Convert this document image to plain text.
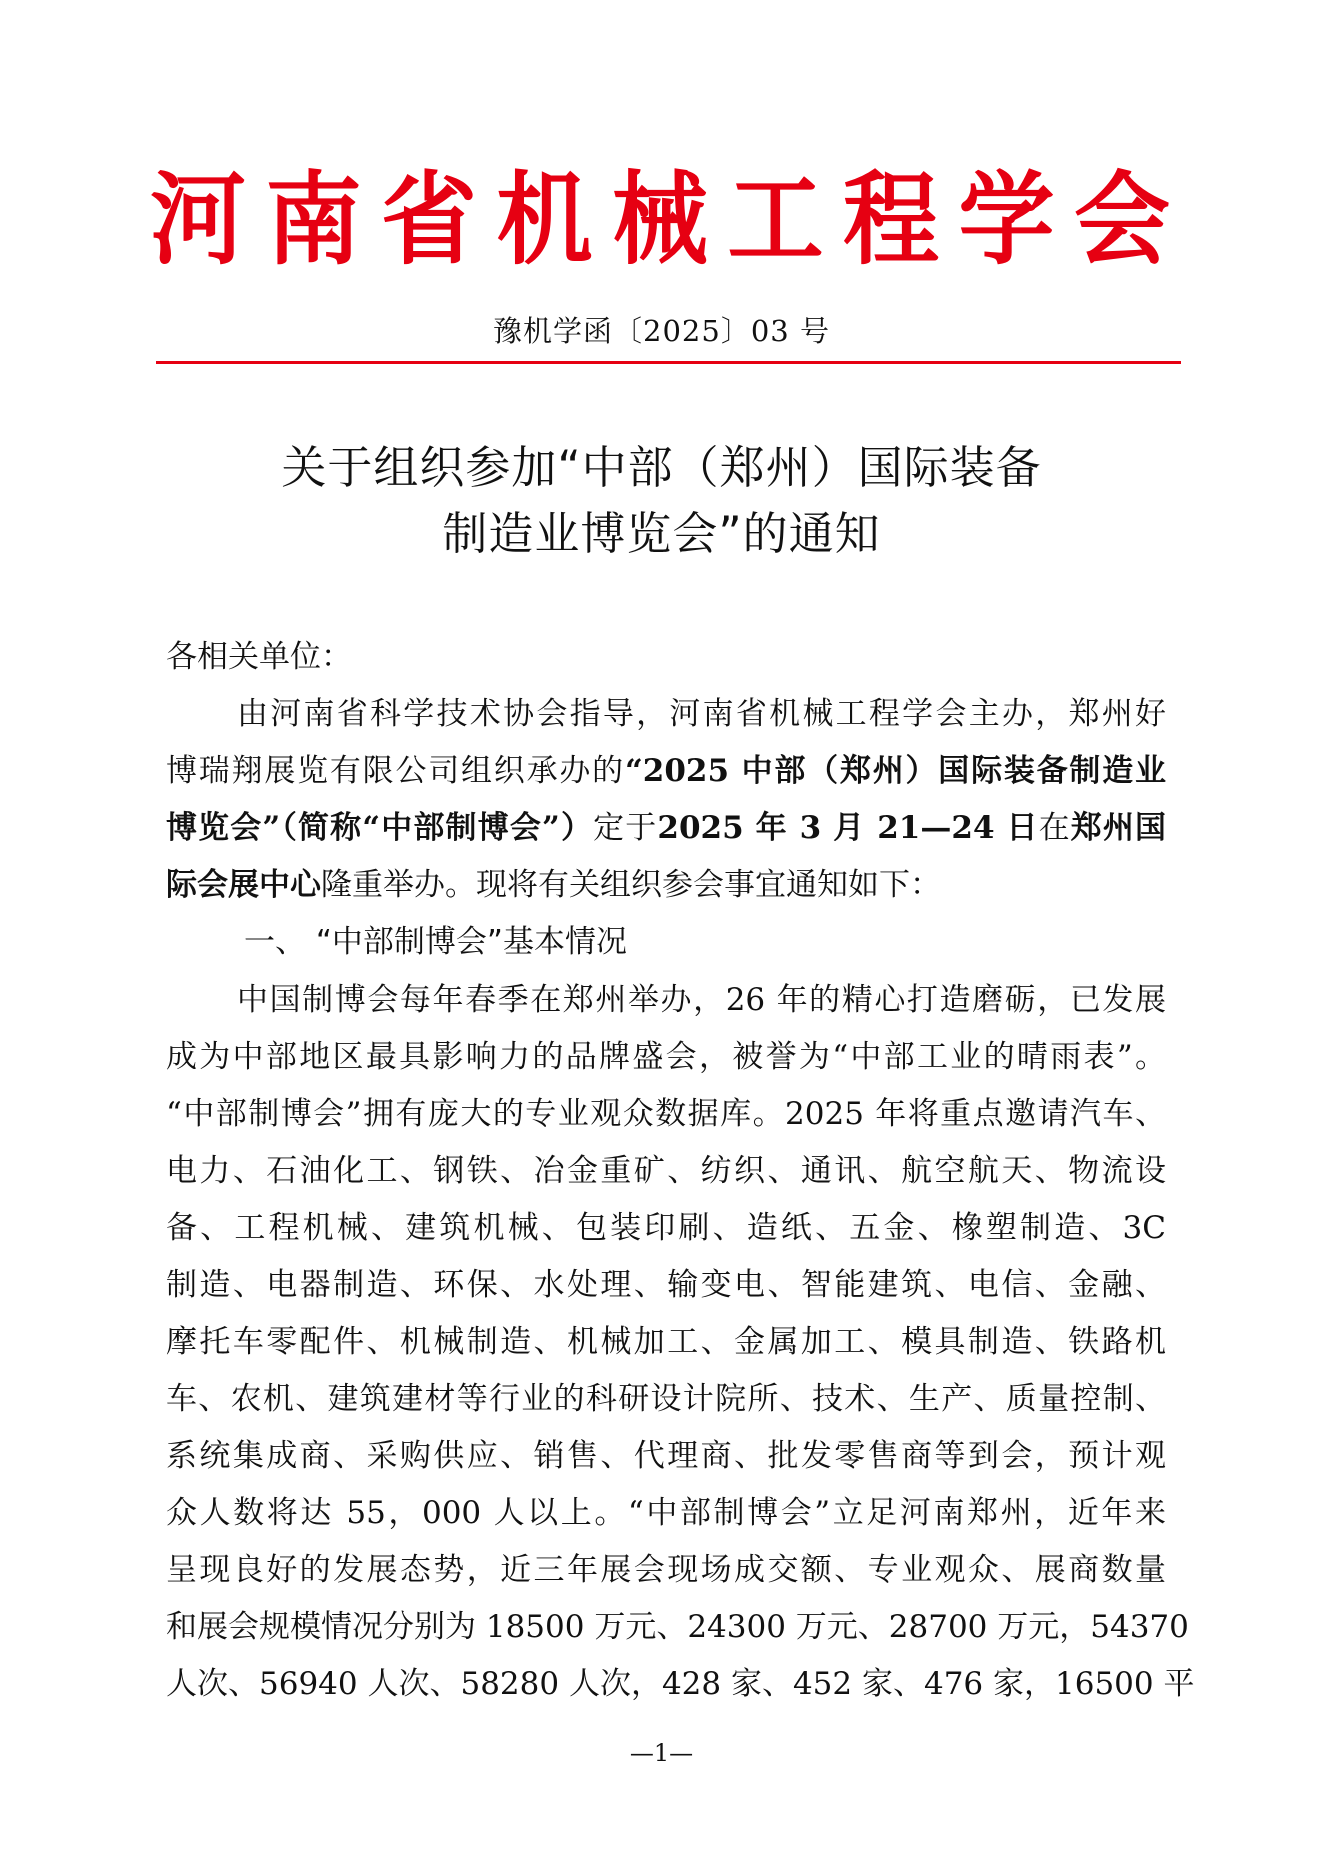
河 南 省 机 械 工 程 学 会
豫机学函〔2025〕03 号
关于组织参加“中部（郑州）国际装备
制造业博览会”的通知
各相关单位：
由河南省科学技术协会指导，河南省机械工程学会主办，郑州好
博瑞翔展览有限公司组织承办的“2025 中部（郑州）国际装备制造业
博览会”（简称“中部制博会”）定于2025 年 3 月 21—24 日在郑州国
际会展中心隆重举办。现将有关组织参会事宜通知如下：
一、 “中部制博会”基本情况
中国制博会每年春季在郑州举办，26 年的精心打造磨砺，已发展
成为中部地区最具影响力的品牌盛会，被誉为“中部工业的晴雨表”。
“中部制博会”拥有庞大的专业观众数据库。2025 年将重点邀请汽车、
电力、石油化工、钢铁、冶金重矿、纺织、通讯、航空航天、物流设
备、工程机械、建筑机械、包装印刷、造纸、五金、橡塑制造、3C
制造、电器制造、环保、水处理、输变电、智能建筑、电信、金融、
摩托车零配件、机械制造、机械加工、金属加工、模具制造、铁路机
车、农机、建筑建材等行业的科研设计院所、技术、生产、质量控制、
系统集成商、采购供应、销售、代理商、批发零售商等到会，预计观
众人数将达 55，000 人以上。“中部制博会”立足河南郑州，近年来
呈现良好的发展态势，近三年展会现场成交额、专业观众、展商数量
和展会规模情况分别为 18500 万元、24300 万元、28700 万元，54370
人次、56940 人次、58280 人次，428 家、452 家、476 家，16500 平
—1—
